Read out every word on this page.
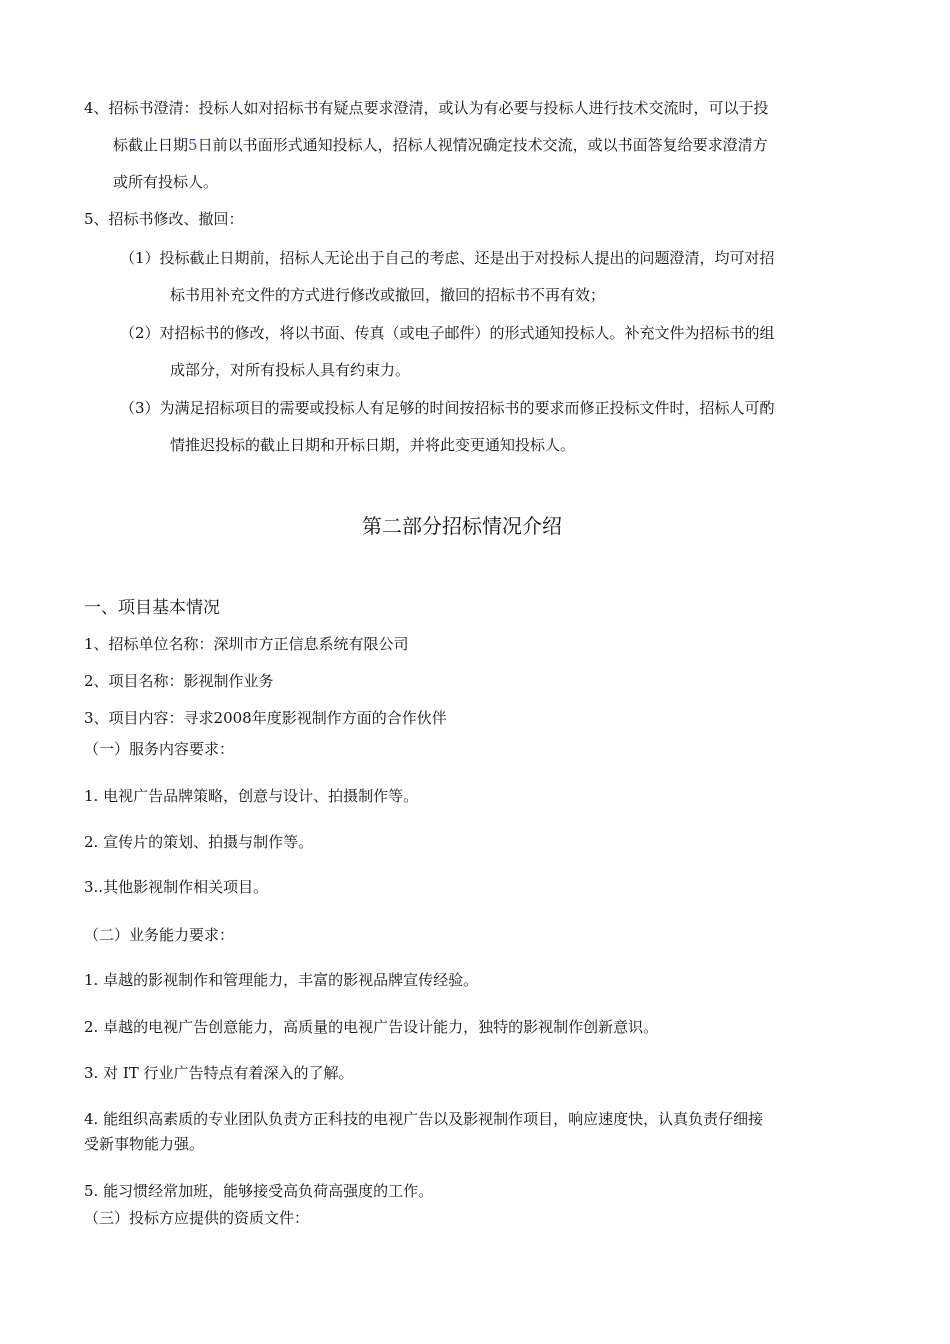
4、招标书澄清：投标人如对招标书有疑点要求澄清，或认为有必要与投标人进行技术交流时，可以于投
标截止日期5日前以书面形式通知投标人，招标人视情况确定技术交流，或以书面答复给要求澄清方
或所有投标人。
5、招标书修改、撤回：
（1）投标截止日期前，招标人无论出于自己的考虑、还是出于对投标人提出的问题澄清，均可对招
标书用补充文件的方式进行修改或撤回，撤回的招标书不再有效；
（2）对招标书的修改，将以书面、传真（或电子邮件）的形式通知投标人。补充文件为招标书的组
成部分，对所有投标人具有约束力。
（3）为满足招标项目的需要或投标人有足够的时间按招标书的要求而修正投标文件时，招标人可酌
情推迟投标的截止日期和开标日期，并将此变更通知投标人。
第二部分招标情况介绍
一、项目基本情况
1、招标单位名称：深圳市方正信息系统有限公司
2、项目名称：影视制作业务
3、项目内容：寻求2008年度影视制作方面的合作伙伴
（一）服务内容要求：
1. 电视广告品牌策略，创意与设计、拍摄制作等。
2. 宣传片的策划、拍摄与制作等。
3..其他影视制作相关项目。
（二）业务能力要求：
1. 卓越的影视制作和管理能力，丰富的影视品牌宣传经验。
2. 卓越的电视广告创意能力，高质量的电视广告设计能力，独特的影视制作创新意识。
3. 对 IT 行业广告特点有着深入的了解。
4. 能组织高素质的专业团队负责方正科技的电视广告以及影视制作项目，响应速度快，认真负责仔细接
受新事物能力强。
5. 能习惯经常加班，能够接受高负荷高强度的工作。
（三）投标方应提供的资质文件：
